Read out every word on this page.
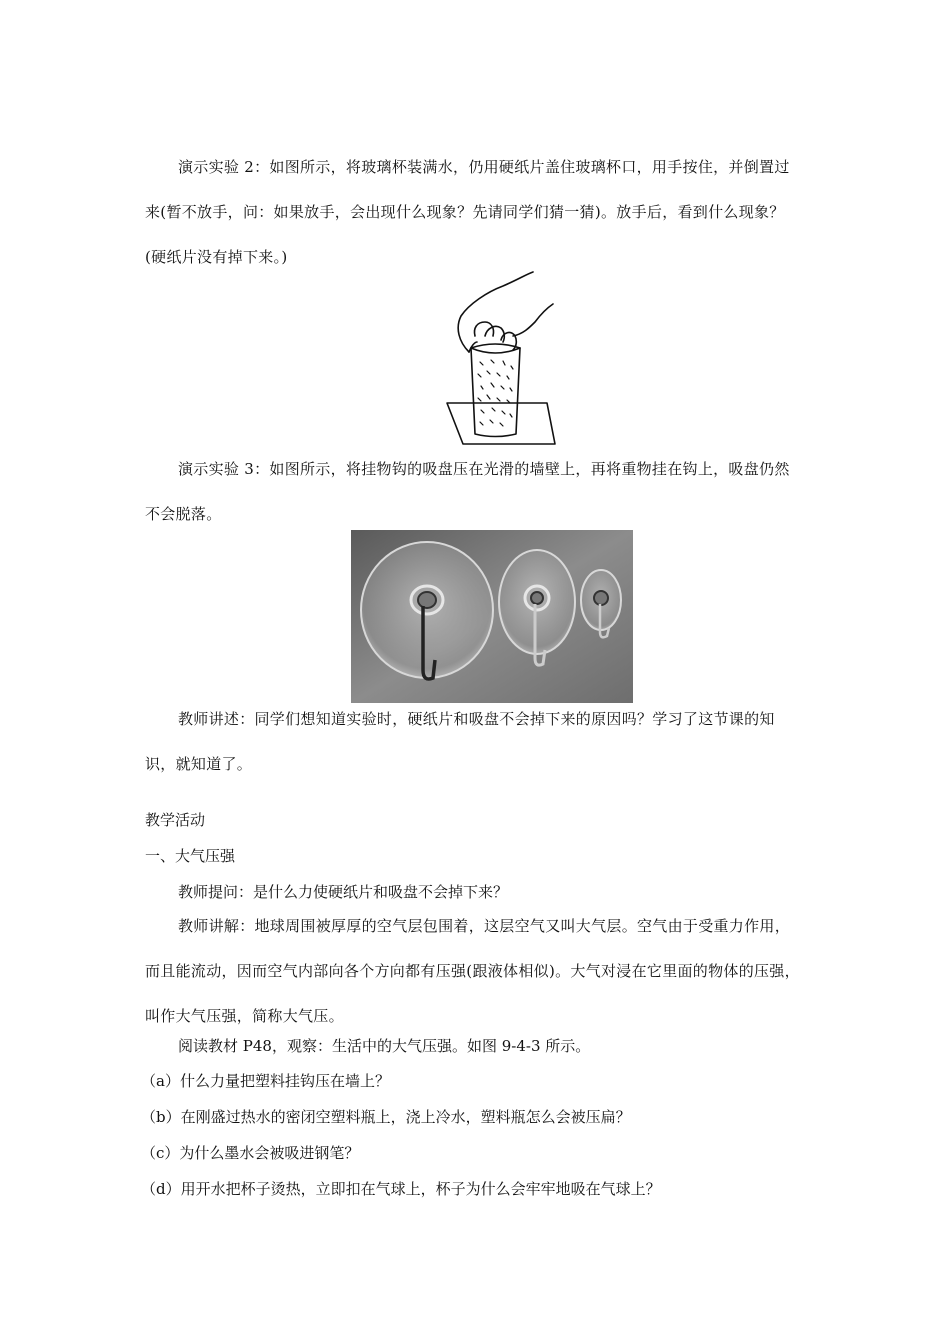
演示实验 2：如图所示，将玻璃杯装满水，仍用硬纸片盖住玻璃杯口，用手按住，并倒置过来(暂不放手，问：如果放手，会出现什么现象？先请同学们猜一猜)。放手后，看到什么现象？(硬纸片没有掉下来。)

演示实验 3：如图所示，将挂物钩的吸盘压在光滑的墙壁上，再将重物挂在钩上，吸盘仍然不会脱落。

教师讲述：同学们想知道实验时，硬纸片和吸盘不会掉下来的原因吗？学习了这节课的知识，就知道了。

教学活动

一、大气压强

教师提问：是什么力使硬纸片和吸盘不会掉下来？

教师讲解：地球周围被厚厚的空气层包围着，这层空气又叫大气层。空气由于受重力作用，而且能流动，因而空气内部向各个方向都有压强(跟液体相似)。大气对浸在它里面的物体的压强，叫作大气压强，简称大气压。

阅读教材 P48，观察：生活中的大气压强。如图 9-4-3 所示。

（a）什么力量把塑料挂钩压在墙上？

（b）在刚盛过热水的密闭空塑料瓶上，浇上冷水，塑料瓶怎么会被压扁？

（c）为什么墨水会被吸进钢笔？

（d）用开水把杯子烫热，立即扣在气球上，杯子为什么会牢牢地吸在气球上？
